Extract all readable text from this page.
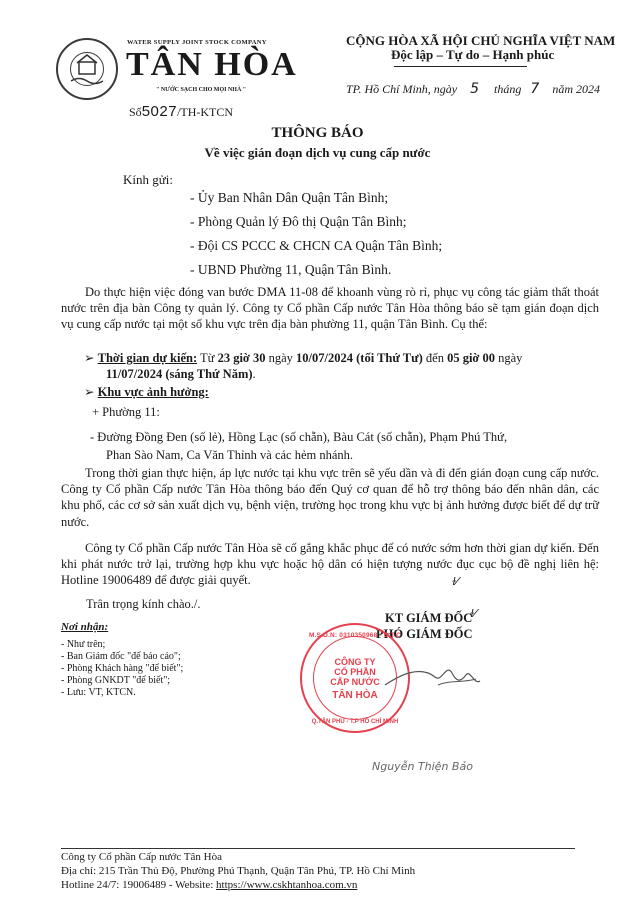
WATER SUPPLY JOINT STOCK COMPANY
TÂN HÒA
" NƯỚC SẠCH CHO MỌI NHÀ "
Số5027/TH-KTCN
CỘNG HÒA XÃ HỘI CHỦ NGHĨA VIỆT NAM
Độc lập – Tự do – Hạnh phúc
TP. Hồ Chí Minh, ngày 5 tháng 7 năm 2024
THÔNG BÁO
Về việc gián đoạn dịch vụ cung cấp nước
Kính gửi:
- Ủy Ban Nhân Dân Quận Tân Bình;
- Phòng Quản lý Đô thị Quận Tân Bình;
- Đội CS PCCC & CHCN CA Quận Tân Bình;
- UBND Phường 11, Quận Tân Bình.
Do thực hiện việc đóng van bước DMA 11-08 để khoanh vùng rò rỉ, phục vụ công tác giảm thất thoát nước trên địa bàn Công ty quản lý. Công ty Cổ phần Cấp nước Tân Hòa thông báo sẽ tạm gián đoạn dịch vụ cung cấp nước tại một số khu vực trên địa bàn phường 11, quận Tân Bình. Cụ thể:
➢ Thời gian dự kiến: Từ 23 giờ 30 ngày 10/07/2024 (tối Thứ Tư) đến 05 giờ 00 ngày
11/07/2024 (sáng Thứ Năm).
➢ Khu vực ảnh hưởng:
+ Phường 11:
- Đường Đồng Đen (số lẻ), Hồng Lạc (số chẵn), Bàu Cát (số chẵn), Phạm Phú Thứ,
Phan Sào Nam, Ca Văn Thỉnh và các hẻm nhánh.
Trong thời gian thực hiện, áp lực nước tại khu vực trên sẽ yếu dần và đi đến gián đoạn cung cấp nước. Công ty Cổ phần Cấp nước Tân Hòa thông báo đến Quý cơ quan để hỗ trợ thông báo đến nhân dân, các khu phố, các cơ sở sản xuất dịch vụ, bệnh viện, trường học trong khu vực bị ảnh hưởng được biết để dự trữ nước.
Công ty Cổ phần Cấp nước Tân Hòa sẽ cố gắng khắc phục để có nước sớm hơn thời gian dự kiến. Đến khi phát nước trở lại, trường hợp khu vực hoặc hộ dân có hiện tượng nước đục cục bộ đề nghị liên hệ: Hotline 19006489 để được giải quyết.	ɫ⁄
Trân trọng kính chào./.
Nơi nhận:
- Như trên;
- Ban Giám đốc "để báo cáo";
- Phòng Khách hàng "để biết";
- Phòng GNKDT "để biết";
- Lưu: VT, KTCN.
KT GIÁM ĐỐC
ɫ⁄
PHÓ GIÁM ĐỐC
M.S.D.N: 0310350968 - C.T.C
CÔNG TY
CỔ PHẦN
CẤP NƯỚC
TÂN HÒA
Q.TÂN PHÚ - T.P HỒ CHÍ MINH
Nguyễn Thiện Bảo
Công ty Cổ phần Cấp nước Tân Hòa
Địa chỉ: 215 Trần Thủ Độ, Phường Phú Thạnh, Quận Tân Phú, TP. Hồ Chí Minh
Hotline 24/7: 19006489 - Website: https://www.cskhtanhoa.com.vn
